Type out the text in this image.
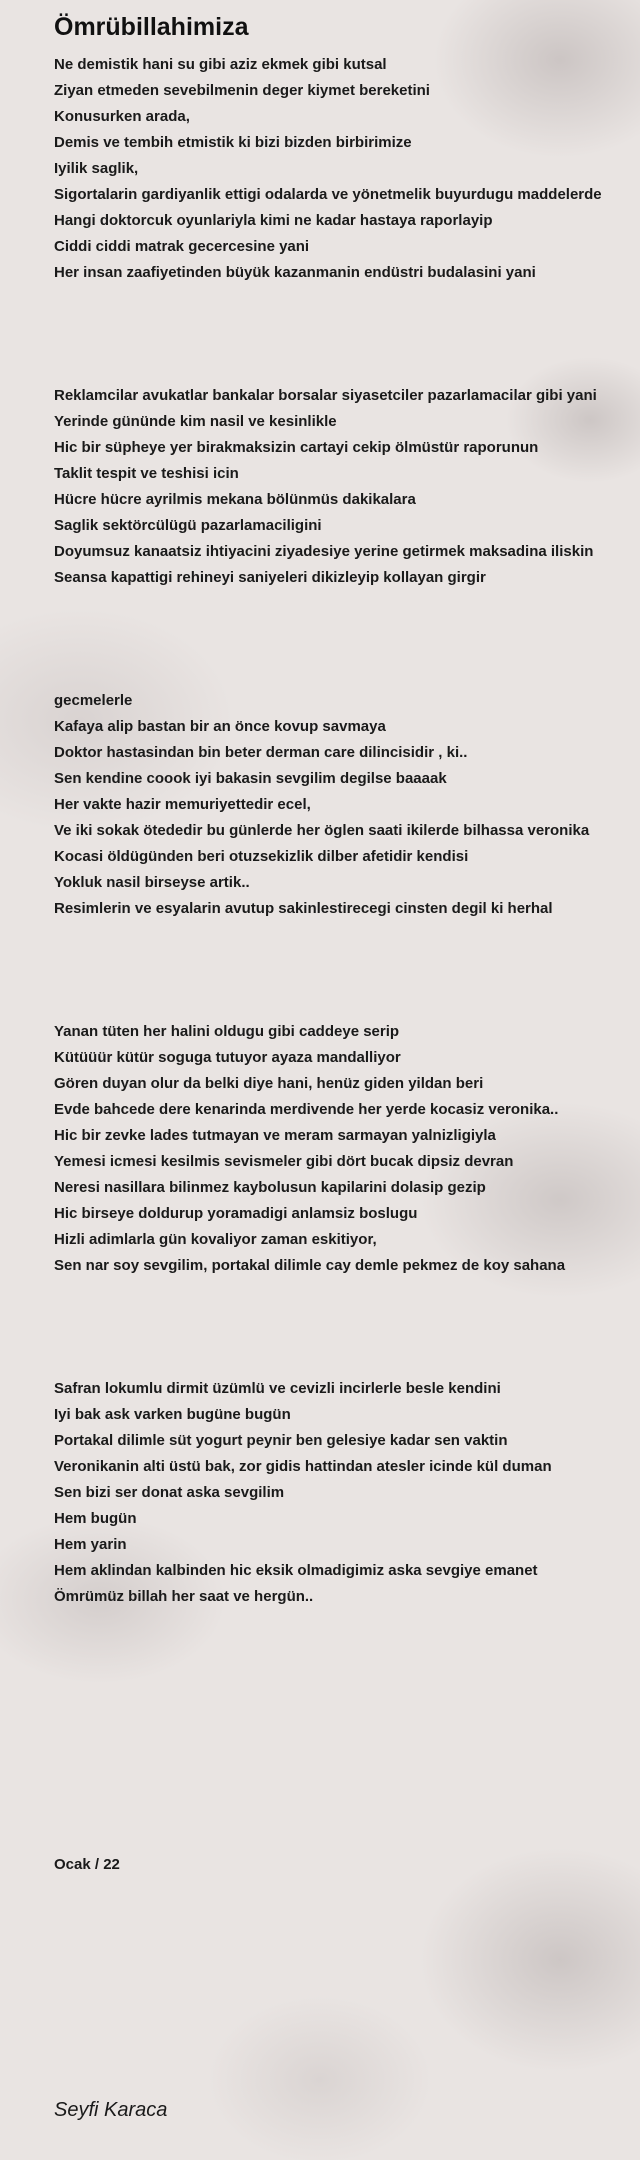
Ömrübillahimiza
Ne demistik hani su gibi aziz ekmek gibi kutsal
Ziyan etmeden sevebilmenin deger kiymet bereketini
Konusurken arada,
Demis ve tembih etmistik ki bizi bizden birbirimize
Iyilik saglik,
Sigortalarin gardiyanlik ettigi odalarda ve yönetmelik buyurdugu maddelerde
Hangi doktorcuk oyunlariyla kimi ne kadar hastaya raporlayip
Ciddi ciddi matrak gecercesine yani
Her insan zaafiyetinden büyük kazanmanin endüstri budalasini yani
Reklamcilar avukatlar bankalar borsalar siyasetciler pazarlamacilar gibi yani
Yerinde gününde kim nasil ve kesinlikle
Hic bir süpheye yer birakmaksizin cartayi cekip ölmüstür raporunun
Taklit tespit ve teshisi icin
Hücre hücre ayrilmis mekana bölünmüs dakikalara
Saglik sektörcülügü pazarlamaciligini
Doyumsuz kanaatsiz ihtiyacini ziyadesiye yerine getirmek maksadina iliskin
Seansa kapattigi rehineyi saniyeleri dikizleyip kollayan girgir
gecmelerle
Kafaya alip bastan bir an önce kovup savmaya
Doktor hastasindan bin beter derman care dilincisidir , ki..
Sen kendine coook iyi bakasin sevgilim degilse baaaak
Her vakte hazir memuriyettedir ecel,
Ve iki sokak ötededir bu günlerde her öglen saati ikilerde bilhassa veronika
Kocasi öldügünden beri otuzsekizlik dilber afetidir kendisi
Yokluk nasil birseyse artik..
Resimlerin ve esyalarin avutup sakinlestirecegi cinsten degil ki herhal
Yanan tüten her halini oldugu gibi caddeye serip
Kütüüür kütür soguga tutuyor ayaza mandalliyor
Gören duyan olur da belki diye hani, henüz giden yildan beri
Evde bahcede dere kenarinda merdivende her yerde kocasiz veronika..
Hic bir zevke lades tutmayan ve meram sarmayan yalnizligiyla
Yemesi icmesi kesilmis sevismeler gibi dört bucak dipsiz devran
Neresi nasillara bilinmez kaybolusun kapilarini dolasip gezip
Hic birseye doldurup yoramadigi anlamsiz boslugu
Hizli adimlarla gün kovaliyor zaman eskitiyor,
Sen nar soy sevgilim, portakal dilimle cay demle pekmez de koy sahana
Safran lokumlu dirmit üzümlü ve cevizli incirlerle besle kendini
Iyi bak ask varken bugüne bugün
Portakal dilimle süt yogurt peynir ben gelesiye kadar sen vaktin
Veronikanin alti üstü bak, zor gidis hattindan atesler icinde kül duman
Sen bizi ser donat aska sevgilim
Hem bugün
Hem yarin
Hem aklindan kalbinden hic eksik olmadigimiz aska sevgiye emanet
Ömrümüz billah her saat ve hergün..
Ocak / 22
Seyfi Karaca
